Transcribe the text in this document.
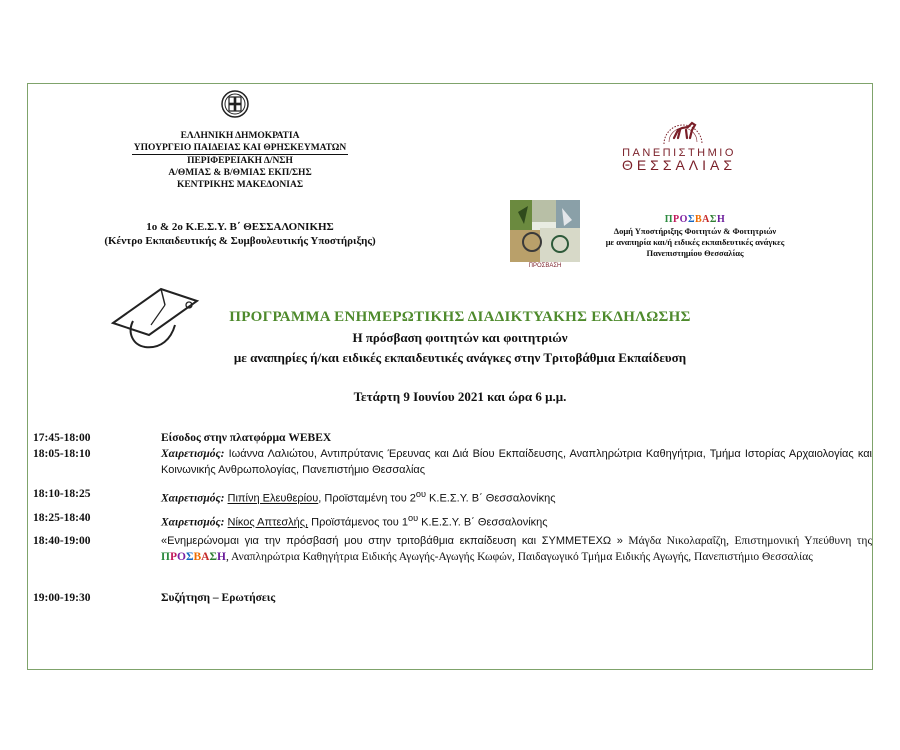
ΕΛΛΗΝΙΚΗ ΔΗΜΟΚΡΑΤΙΑ
ΥΠΟΥΡΓΕΙΟ ΠΑΙΔΕΙΑΣ ΚΑΙ ΘΡΗΣΚΕΥΜΑΤΩΝ
ΠΕΡΙΦΕΡΕΙΑΚΗ Δ/ΝΣΗ
Α/ΘΜΙΑΣ & Β/ΘΜΙΑΣ ΕΚΠ/ΣΗΣ
ΚΕΝΤΡΙΚΗΣ ΜΑΚΕΔΟΝΙΑΣ
1ο & 2ο Κ.Ε.Σ.Υ. Β΄ ΘΕΣΣΑΛΟΝΙΚΗΣ
(Κέντρο Εκπαιδευτικής & Συμβουλευτικής Υποστήριξης)
ΠΑΝΕΠΙΣΤΗΜΙΟ
ΘΕΣΣΑΛΙΑΣ
ΠΡΟΣΒΑΣΗ
ΠΡΟΣΒΑΣΗ
Δομή Υποστήριξης Φοιτητών & Φοιτητριών
με αναπηρία και/ή ειδικές εκπαιδευτικές ανάγκες
Πανεπιστημίου Θεσσαλίας
ΠΡΟΓΡΑΜΜΑ ΕΝΗΜΕΡΩΤΙΚΗΣ ΔΙΑΔΙΚΤΥΑΚΗΣ ΕΚΔΗΛΩΣΗΣ
Η πρόσβαση φοιτητών και φοιτητριών
με αναπηρίες ή/και ειδικές εκπαιδευτικές ανάγκες στην Τριτοβάθμια Εκπαίδευση
Τετάρτη 9 Ιουνίου 2021 και ώρα 6 μ.μ.
17:45-18:00	Είσοδος στην πλατφόρμα WEBEX
18:05-18:10	Χαιρετισμός: Ιωάννα Λαλιώτου, Αντιπρύτανις Έρευνας και Διά Βίου Εκπαίδευσης, Αναπληρώτρια Καθηγήτρια, Τμήμα Ιστορίας Αρχαιολογίας και Κοινωνικής Ανθρωπολογίας, Πανεπιστήμιο Θεσσαλίας
18:10-18:25	Χαιρετισμός: Πιπίνη Ελευθερίου, Προϊσταμένη του $2^{o\upsilon}$ Κ.Ε.Σ.Υ. Β΄ Θεσσαλονίκης
18:25-18:40	Χαιρετισμός: Νίκος Απτεσλής, Προϊστάμενος του $1^{o\upsilon}$ Κ.Ε.Σ.Υ. Β΄ Θεσσαλονίκης
18:40-19:00	«Ενημερώνομαι για την πρόσβασή μου στην τριτοβάθμια εκπαίδευση και ΣΥΜΜΕΤΕΧΩ » Μάγδα Νικολαραΐζη, Επιστημονική Υπεύθυνη της ΠΡΟΣΒΑΣΗ, Αναπληρώτρια Καθηγήτρια Ειδικής Αγωγής-Αγωγής Κωφών, Παιδαγωγικό Τμήμα Ειδικής Αγωγής, Πανεπιστήμιο Θεσσαλίας
19:00-19:30	Συζήτηση – Ερωτήσεις
